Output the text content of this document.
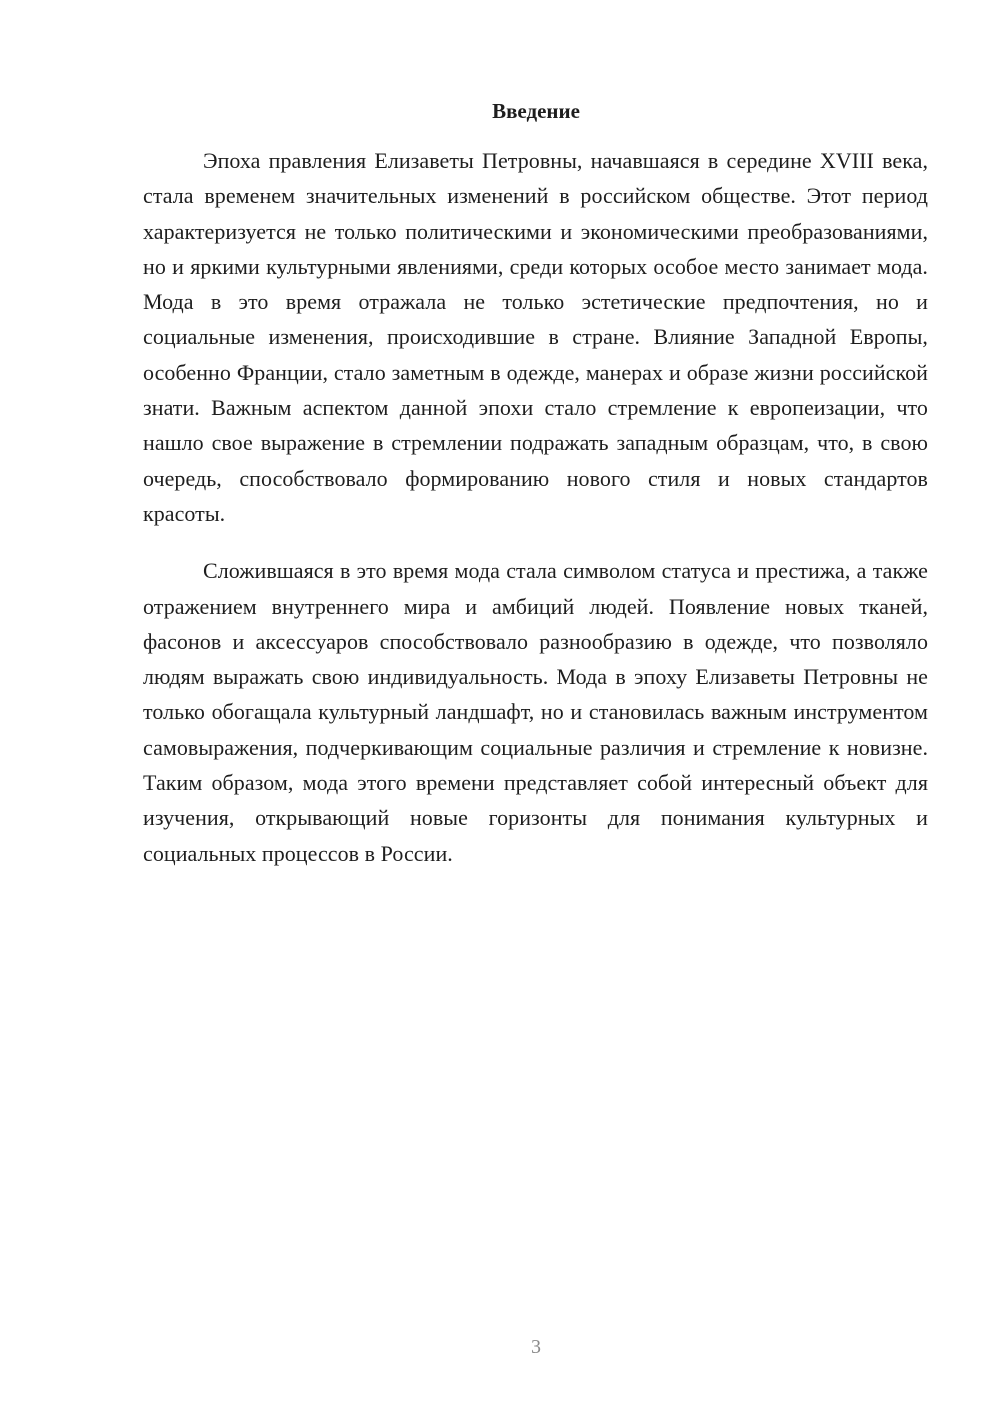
Введение

Эпоха правления Елизаветы Петровны, начавшаяся в середине XVIII века, стала временем значительных изменений в российском обществе. Этот период характеризуется не только политическими и экономическими преобразованиями, но и яркими культурными явлениями, среди которых особое место занимает мода. Мода в это время отражала не только эстетические предпочтения, но и социальные изменения, происходившие в стране. Влияние Западной Европы, особенно Франции, стало заметным в одежде, манерах и образе жизни российской знати. Важным аспектом данной эпохи стало стремление к европеизации, что нашло свое выражение в стремлении подражать западным образцам, что, в свою очередь, способствовало формированию нового стиля и новых стандартов красоты.

Сложившаяся в это время мода стала символом статуса и престижа, а также отражением внутреннего мира и амбиций людей. Появление новых тканей, фасонов и аксессуаров способствовало разнообразию в одежде, что позволяло людям выражать свою индивидуальность. Мода в эпоху Елизаветы Петровны не только обогащала культурный ландшафт, но и становилась важным инструментом самовыражения, подчеркивающим социальные различия и стремление к новизне. Таким образом, мода этого времени представляет собой интересный объект для изучения, открывающий новые горизонты для понимания культурных и социальных процессов в России.

3
